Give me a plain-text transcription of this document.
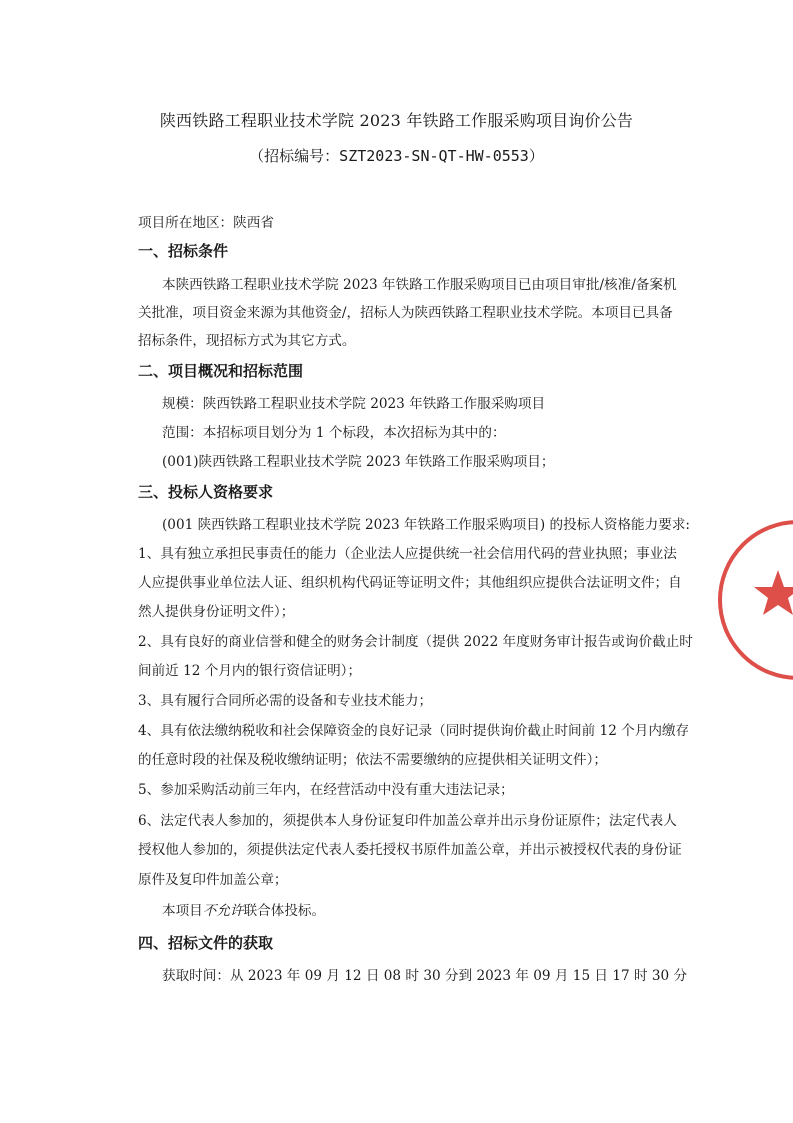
陕西铁路工程职业技术学院 2023 年铁路工作服采购项目询价公告
（招标编号：SZT2023-SN-QT-HW-0553）
项目所在地区：陕西省
一、招标条件
本陕西铁路工程职业技术学院 2023 年铁路工作服采购项目已由项目审批/核准/备案机
关批准，项目资金来源为其他资金/，招标人为陕西铁路工程职业技术学院。本项目已具备
招标条件，现招标方式为其它方式。
二、项目概况和招标范围
规模：陕西铁路工程职业技术学院 2023 年铁路工作服采购项目
范围：本招标项目划分为 1 个标段，本次招标为其中的：
(001)陕西铁路工程职业技术学院 2023 年铁路工作服采购项目；
三、投标人资格要求
(001 陕西铁路工程职业技术学院 2023 年铁路工作服采购项目) 的投标人资格能力要求:
1、具有独立承担民事责任的能力（企业法人应提供统一社会信用代码的营业执照；事业法
人应提供事业单位法人证、组织机构代码证等证明文件；其他组织应提供合法证明文件；自
然人提供身份证明文件）；
2、具有良好的商业信誉和健全的财务会计制度（提供 2022 年度财务审计报告或询价截止时
间前近 12 个月内的银行资信证明）；
3、具有履行合同所必需的设备和专业技术能力；
4、具有依法缴纳税收和社会保障资金的良好记录（同时提供询价截止时间前 12 个月内缴存
的任意时段的社保及税收缴纳证明；依法不需要缴纳的应提供相关证明文件）；
5、参加采购活动前三年内，在经营活动中没有重大违法记录；
6、法定代表人参加的，须提供本人身份证复印件加盖公章并出示身份证原件；法定代表人
授权他人参加的，须提供法定代表人委托授权书原件加盖公章，并出示被授权代表的身份证
原件及复印件加盖公章；
本项目不允许联合体投标。
四、招标文件的获取
获取时间：从 2023 年 09 月 12 日 08 时 30 分到 2023 年 09 月 15 日 17 时 30 分
